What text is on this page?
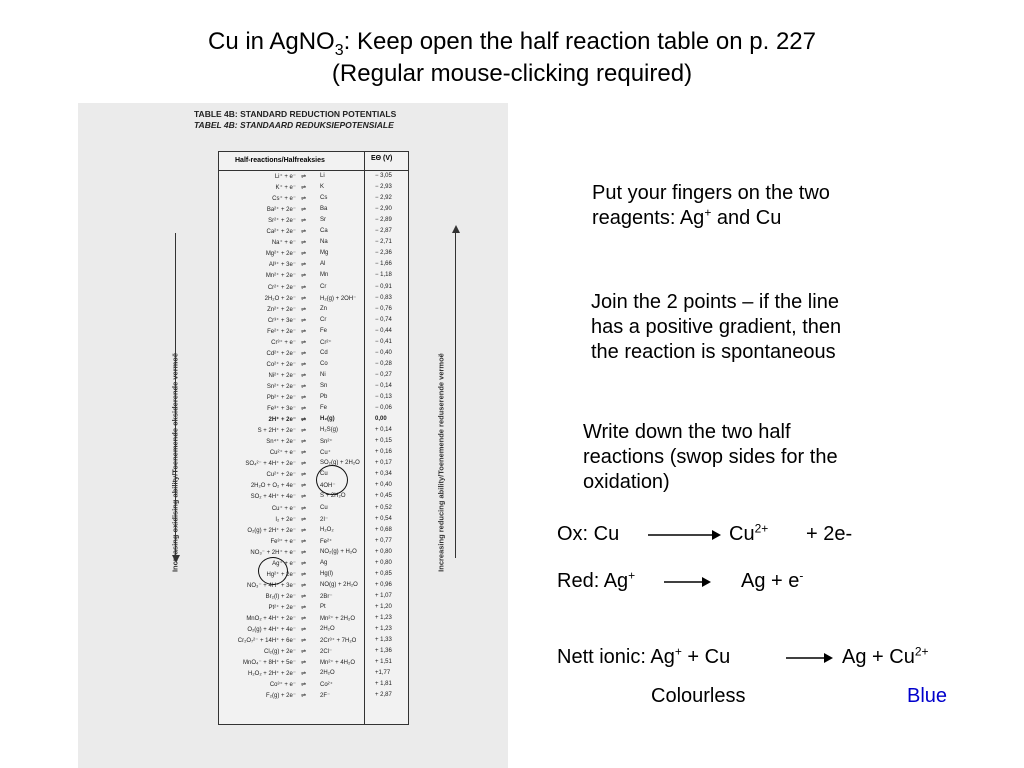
Cu in AgNO$_3$: Keep open the half reaction table on p. 227
(Regular mouse-clicking required)
TABLE 4B: STANDARD REDUCTION POTENTIALS
TABEL 4B: STANDAARD REDUKSIEPOTENSIALE
Increasing oxidising ability/Toenemende oksiderende vermoë	Increasing reducing ability/Toenemende reduserende vermoë
Half-reactions/Halfreaksies	EΘ (V)
Li⁺ + e⁻ ⇌ Li	− 3,05
K⁺ + e⁻ ⇌ K	− 2,93
Cs⁺ + e⁻ ⇌ Cs	− 2,92
Ba²⁺ + 2e⁻ ⇌ Ba	− 2,90
Sr²⁺ + 2e⁻ ⇌ Sr	− 2,89
Ca²⁺ + 2e⁻ ⇌ Ca	− 2,87
Na⁺ + e⁻ ⇌ Na	− 2,71
Mg²⁺ + 2e⁻ ⇌ Mg	− 2,36
Al³⁺ + 3e⁻ ⇌ Al	− 1,66
Mn²⁺ + 2e⁻ ⇌ Mn	− 1,18
Cr²⁺ + 2e⁻ ⇌ Cr	− 0,91
2H₂O + 2e⁻ ⇌ H₂(g) + 2OH⁻	− 0,83
Zn²⁺ + 2e⁻ ⇌ Zn	− 0,76
Cr³⁺ + 3e⁻ ⇌ Cr	− 0,74
Fe²⁺ + 2e⁻ ⇌ Fe	− 0,44
Cr³⁺ + e⁻ ⇌ Cr²⁺	− 0,41
Cd²⁺ + 2e⁻ ⇌ Cd	− 0,40
Co²⁺ + 2e⁻ ⇌ Co	− 0,28
Ni²⁺ + 2e⁻ ⇌ Ni	− 0,27
Sn²⁺ + 2e⁻ ⇌ Sn	− 0,14
Pb²⁺ + 2e⁻ ⇌ Pb	− 0,13
Fe³⁺ + 3e⁻ ⇌ Fe	− 0,06
2H⁺ + 2e⁻ ⇌ H₂(g)	0,00
S + 2H⁺ + 2e⁻ ⇌ H₂S(g)	+ 0,14
Sn⁴⁺ + 2e⁻ ⇌ Sn²⁺	+ 0,15
Cu²⁺ + e⁻ ⇌ Cu⁺	+ 0,16
SO₄²⁻ + 4H⁺ + 2e⁻ ⇌ SO₂(g) + 2H₂O	+ 0,17
Cu²⁺ + 2e⁻ ⇌ Cu	+ 0,34
2H₂O + O₂ + 4e⁻ ⇌ 4OH⁻	+ 0,40
SO₂ + 4H⁺ + 4e⁻ ⇌ S + 2H₂O	+ 0,45
Cu⁺ + e⁻ ⇌ Cu	+ 0,52
I₂ + 2e⁻ ⇌ 2I⁻	+ 0,54
O₂(g) + 2H⁺ + 2e⁻ ⇌ H₂O₂	+ 0,68
Fe³⁺ + e⁻ ⇌ Fe²⁺	+ 0,77
NO₃⁻ + 2H⁺ + e⁻ ⇌ NO₂(g) + H₂O	+ 0,80
Ag⁺ + e⁻ ⇌ Ag	+ 0,80
Hg²⁺ + 2e⁻ ⇌ Hg(l)	+ 0,85
NO₃⁻ + 4H⁺ + 3e⁻ ⇌ NO(g) + 2H₂O	+ 0,96
Br₂(l) + 2e⁻ ⇌ 2Br⁻	+ 1,07
Pt²⁺ + 2e⁻ ⇌ Pt	+ 1,20
MnO₂ + 4H⁺ + 2e⁻ ⇌ Mn²⁺ + 2H₂O	+ 1,23
O₂(g) + 4H⁺ + 4e⁻ ⇌ 2H₂O	+ 1,23
Cr₂O₇²⁻ + 14H⁺ + 6e⁻ ⇌ 2Cr³⁺ + 7H₂O	+ 1,33
Cl₂(g) + 2e⁻ ⇌ 2Cl⁻	+ 1,36
MnO₄⁻ + 8H⁺ + 5e⁻ ⇌ Mn²⁺ + 4H₂O	+ 1,51
H₂O₂ + 2H⁺ + 2e⁻ ⇌ 2H₂O	+1,77
Co³⁺ + e⁻ ⇌ Co²⁺	+ 1,81
F₂(g) + 2e⁻ ⇌ 2F⁻	+ 2,87
Put your fingers on the two
reagents: Ag+ and Cu
Join the 2 points – if the line
has a positive gradient, then
the reaction is spontaneous
Write down the two half
reactions (swop sides for the
oxidation)
Ox: Cu	$Cu^{2+} + 2e-$
Red: Ag+	Ag + e-
Nett ionic: Ag+ + Cu	$Ag + Cu^{2+}$
Colourless	Blue
